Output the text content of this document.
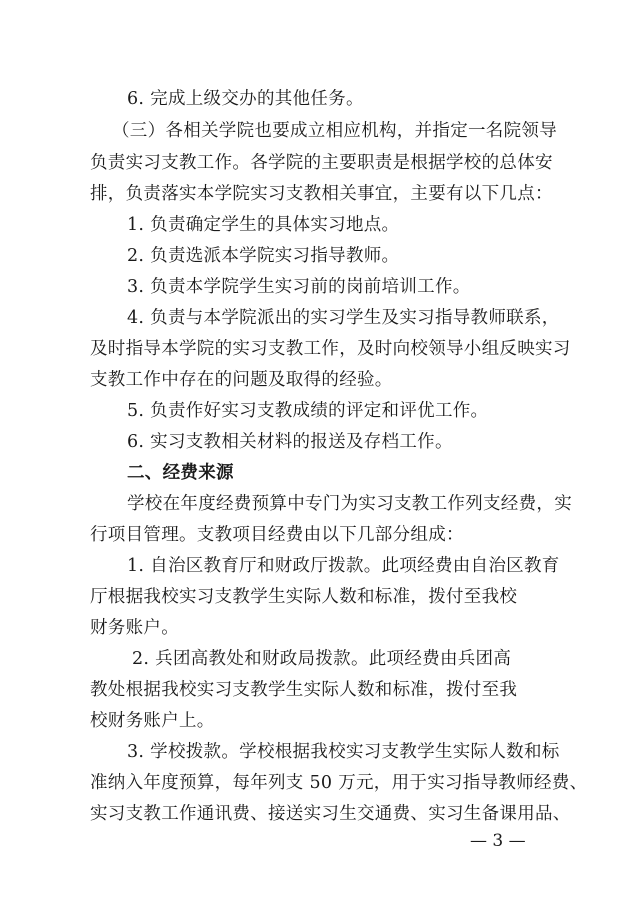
6. 完成上级交办的其他任务。
（三）各相关学院也要成立相应机构，并指定一名院领导
负责实习支教工作。各学院的主要职责是根据学校的总体安
排，负责落实本学院实习支教相关事宜，主要有以下几点：
1. 负责确定学生的具体实习地点。
2. 负责选派本学院实习指导教师。
3. 负责本学院学生实习前的岗前培训工作。
4. 负责与本学院派出的实习学生及实习指导教师联系，
及时指导本学院的实习支教工作，及时向校领导小组反映实习
支教工作中存在的问题及取得的经验。
5. 负责作好实习支教成绩的评定和评优工作。
6. 实习支教相关材料的报送及存档工作。
二、经费来源
学校在年度经费预算中专门为实习支教工作列支经费，实
行项目管理。支教项目经费由以下几部分组成：
1. 自治区教育厅和财政厅拨款。此项经费由自治区教育
厅根据我校实习支教学生实际人数和标准，拨付至我校
财务账户。
2. 兵团高教处和财政局拨款。此项经费由兵团高
教处根据我校实习支教学生实际人数和标准，拨付至我
校财务账户上。
3. 学校拨款。学校根据我校实习支教学生实际人数和标
准纳入年度预算，每年列支 50 万元，用于实习指导教师经费、
实习支教工作通讯费、接送实习生交通费、实习生备课用品、
— 3 —
